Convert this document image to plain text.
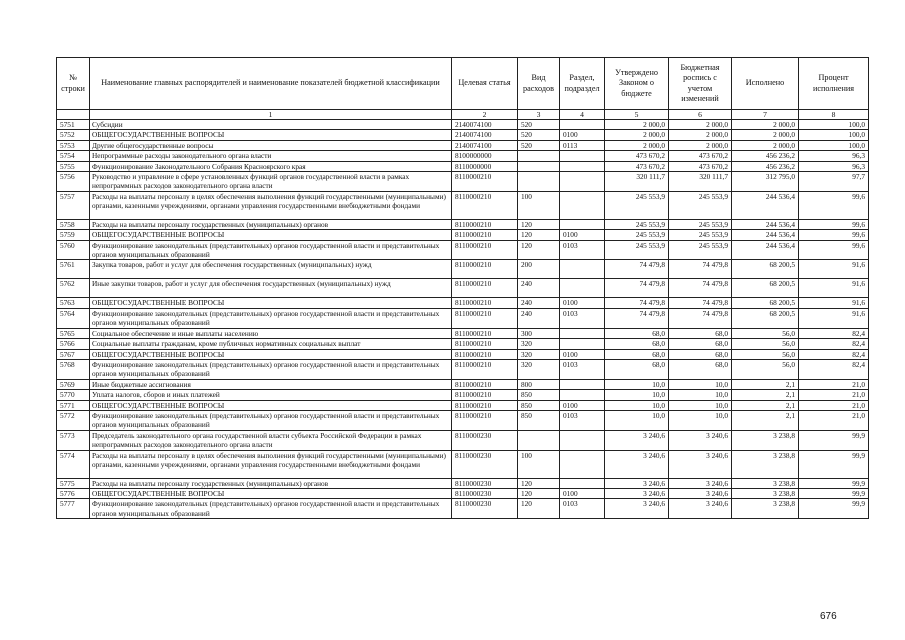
№ строки	Наименование главных распорядителей и наименование показателей бюджетной классификации	Целевая статья	Вид расходов	Раздел, подраздел	Утверждено Законом о бюджете	Бюджетная роспись с учетом изменений	Исполнено	Процент исполнения
	1	2	3	4	5	6	7	8
5751	Субсидии	2140074100	520		2 000,0	2 000,0	2 000,0	100,0
5752	ОБЩЕГОСУДАРСТВЕННЫЕ ВОПРОСЫ	2140074100	520	0100	2 000,0	2 000,0	2 000,0	100,0
5753	Другие общегосударственные вопросы	2140074100	520	0113	2 000,0	2 000,0	2 000,0	100,0
5754	Непрограммные расходы законодательного органа власти	8100000000			473 670,2	473 670,2	456 236,2	96,3
5755	Функционирование Законодательного Собрания Красноярского края	8110000000			473 670,2	473 670,2	456 236,2	96,3
5756	Руководство и управление в сфере установленных функций органов государственной власти в рамках непрограммных расходов законодательного органа власти	8110000210			320 111,7	320 111,7	312 795,0	97,7
5757	Расходы на выплаты персоналу в целях обеспечения выполнения функций государственными (муниципальными) органами, казенными учреждениями, органами управления государственными внебюджетными фондами	8110000210	100		245 553,9	245 553,9	244 536,4	99,6
5758	Расходы на выплаты персоналу государственных (муниципальных) органов	8110000210	120		245 553,9	245 553,9	244 536,4	99,6
5759	ОБЩЕГОСУДАРСТВЕННЫЕ ВОПРОСЫ	8110000210	120	0100	245 553,9	245 553,9	244 536,4	99,6
5760	Функционирование законодательных (представительных) органов государственной власти и представительных органов муниципальных образований	8110000210	120	0103	245 553,9	245 553,9	244 536,4	99,6
5761	Закупка товаров, работ и услуг для обеспечения государственных (муниципальных) нужд	8110000210	200		74 479,8	74 479,8	68 200,5	91,6
5762	Иные закупки товаров, работ и услуг для обеспечения государственных (муниципальных) нужд	8110000210	240		74 479,8	74 479,8	68 200,5	91,6
5763	ОБЩЕГОСУДАРСТВЕННЫЕ ВОПРОСЫ	8110000210	240	0100	74 479,8	74 479,8	68 200,5	91,6
5764	Функционирование законодательных (представительных) органов государственной власти и представительных органов муниципальных образований	8110000210	240	0103	74 479,8	74 479,8	68 200,5	91,6
5765	Социальное обеспечение и иные выплаты населению	8110000210	300		68,0	68,0	56,0	82,4
5766	Социальные выплаты гражданам, кроме публичных нормативных социальных выплат	8110000210	320		68,0	68,0	56,0	82,4
5767	ОБЩЕГОСУДАРСТВЕННЫЕ ВОПРОСЫ	8110000210	320	0100	68,0	68,0	56,0	82,4
5768	Функционирование законодательных (представительных) органов государственной власти и представительных органов муниципальных образований	8110000210	320	0103	68,0	68,0	56,0	82,4
5769	Иные бюджетные ассигнования	8110000210	800		10,0	10,0	2,1	21,0
5770	Уплата налогов, сборов и иных платежей	8110000210	850		10,0	10,0	2,1	21,0
5771	ОБЩЕГОСУДАРСТВЕННЫЕ ВОПРОСЫ	8110000210	850	0100	10,0	10,0	2,1	21,0
5772	Функционирование законодательных (представительных) органов государственной власти и представительных органов муниципальных образований	8110000210	850	0103	10,0	10,0	2,1	21,0
5773	Председатель законодательного органа государственной власти субъекта Российской Федерации в рамках непрограммных расходов законодательного органа власти	8110000230			3 240,6	3 240,6	3 238,8	99,9
5774	Расходы на выплаты персоналу в целях обеспечения выполнения функций государственными (муниципальными) органами, казенными учреждениями, органами управления государственными внебюджетными фондами	8110000230	100		3 240,6	3 240,6	3 238,8	99,9
5775	Расходы на выплаты персоналу государственных (муниципальных) органов	8110000230	120		3 240,6	3 240,6	3 238,8	99,9
5776	ОБЩЕГОСУДАРСТВЕННЫЕ ВОПРОСЫ	8110000230	120	0100	3 240,6	3 240,6	3 238,8	99,9
5777	Функционирование законодательных (представительных) органов государственной власти и представительных органов муниципальных образований	8110000230	120	0103	3 240,6	3 240,6	3 238,8	99,9
676
